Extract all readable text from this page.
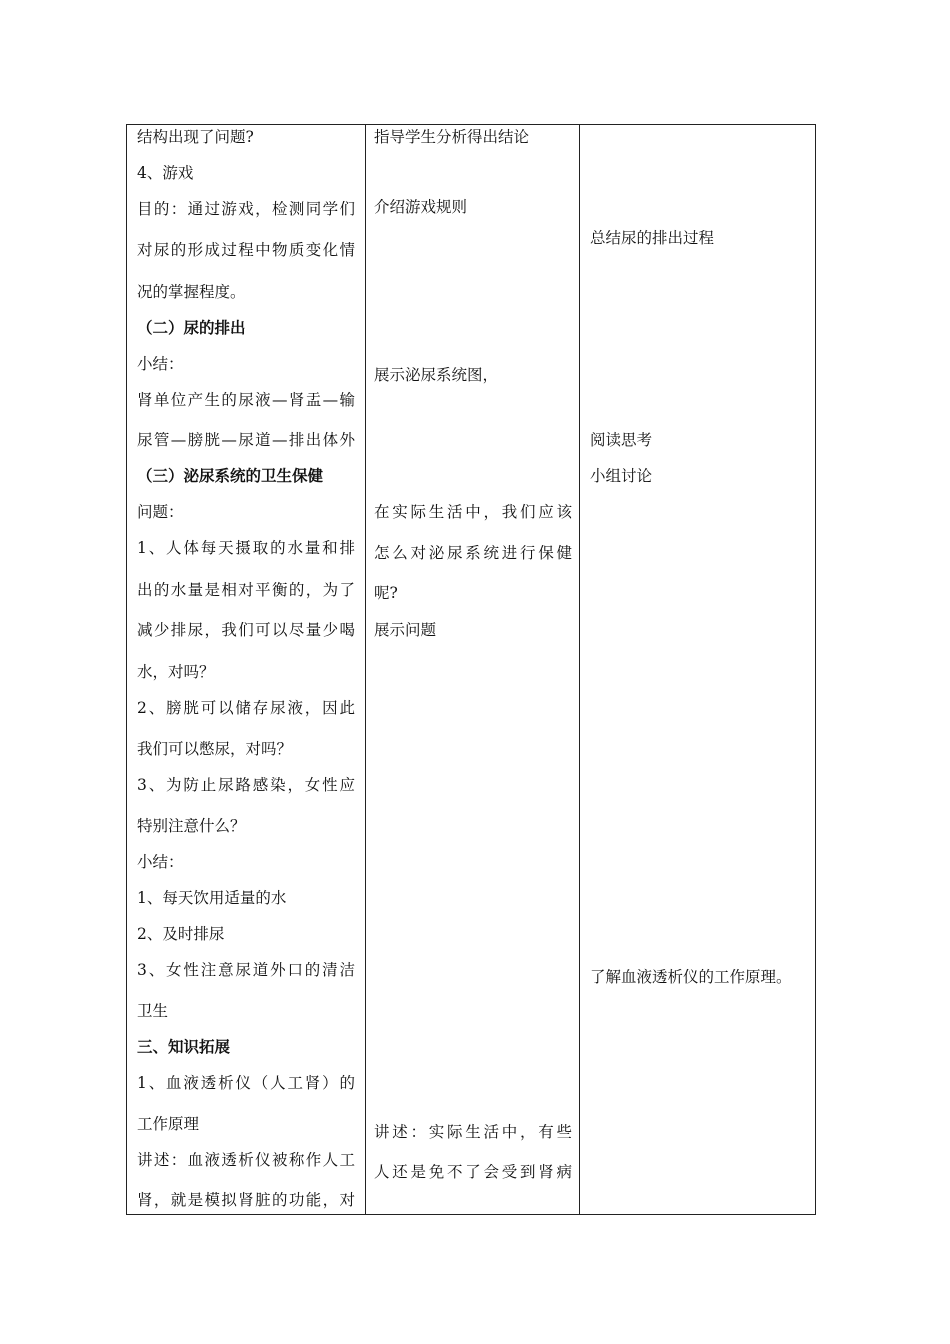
结构出现了问题?
4、游戏
目的：通过游戏，检测同学们
对尿的形成过程中物质变化情
况的掌握程度。
（二）尿的排出
小结：
肾单位产生的尿液—肾盂—输
尿管—膀胱—尿道—排出体外
（三）泌尿系统的卫生保健
问题：
1、人体每天摄取的水量和排
出的水量是相对平衡的，为了
减少排尿，我们可以尽量少喝
水，对吗？
2、膀胱可以储存尿液，因此
我们可以憋尿，对吗？
3、为防止尿路感染，女性应
特别注意什么？
小结：
1、每天饮用适量的水
2、及时排尿
3、女性注意尿道外口的清洁
卫生
三、知识拓展
1、血液透析仪（人工肾）的
工作原理
讲述：血液透析仪被称作人工
肾，就是模拟肾脏的功能，对
指导学生分析得出结论
介绍游戏规则
展示泌尿系统图，
在实际生活中，我们应该
怎么对泌尿系统进行保健
呢?
展示问题
讲述：实际生活中，有些
人还是免不了会受到肾病
总结尿的排出过程
阅读思考
小组讨论
了解血液透析仪的工作原理。
